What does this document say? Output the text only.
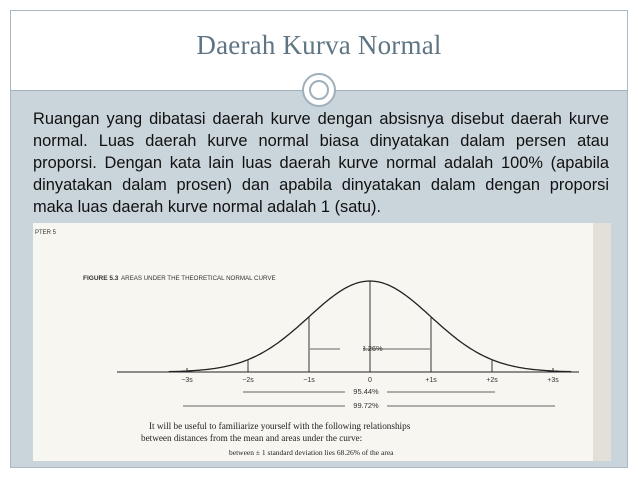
Daerah Kurva Normal
Ruangan yang dibatasi daerah kurve dengan absisnya disebut daerah kurve normal. Luas daerah kurve normal biasa dinyatakan dalam persen atau proporsi. Dengan kata lain luas daerah kurve normal adalah 100% (apabila dinyatakan dalam prosen) dan apabila dinyatakan dalam dengan proporsi maka luas daerah kurve normal adalah 1 (satu).
PTER 5
FIGURE 5.3 AREAS UNDER THE THEORETICAL NORMAL CURVE
68.26%
−3s	−2s	−1s	0	+1s	+2s	+3s
95.44%
99.72%
It will be useful to familiarize yourself with the following relationships
between distances from the mean and areas under the curve:
between ± 1 standard deviation lies 68.26% of the area
